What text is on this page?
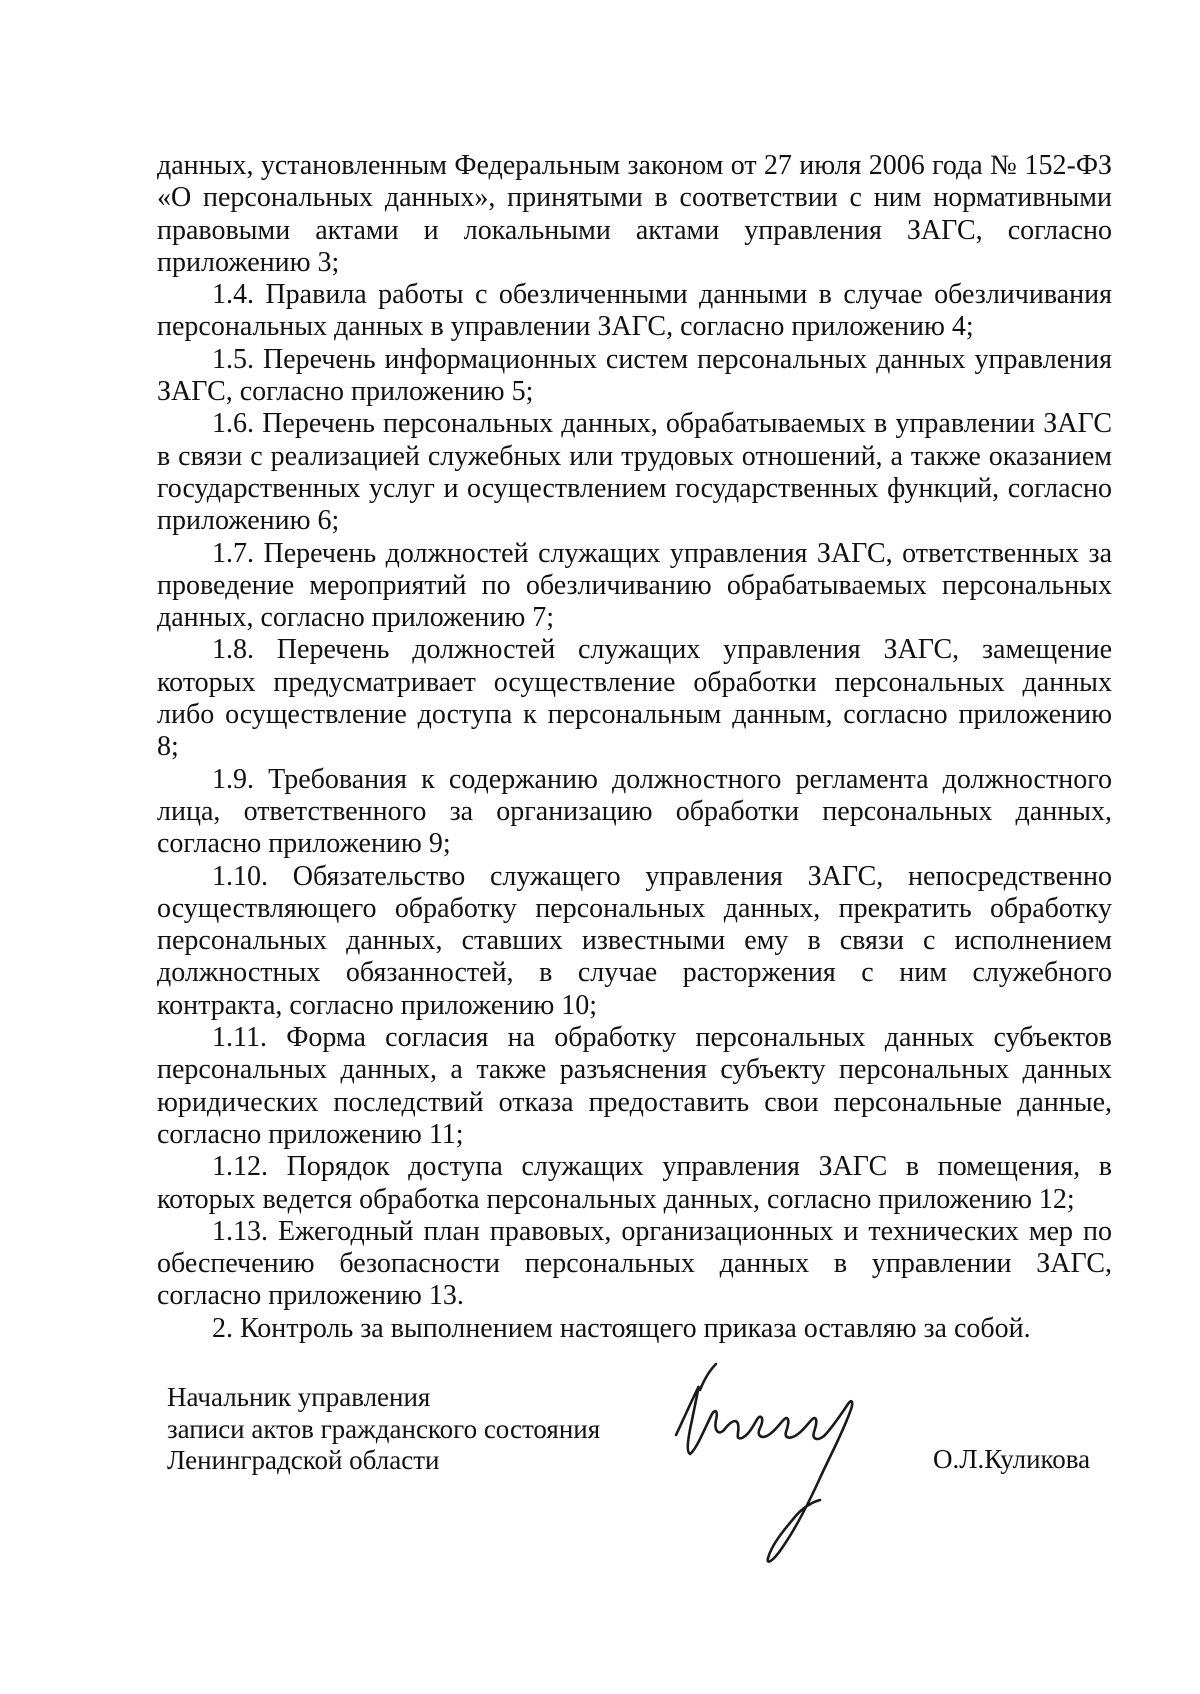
данных, установленным Федеральным законом от 27 июля 2006 года № 152-ФЗ «О персональных данных», принятыми в соответствии с ним нормативными правовыми актами и локальными актами управления ЗАГС, согласно приложению 3;

1.4. Правила работы с обезличенными данными в случае обезличивания персональных данных в управлении ЗАГС, согласно приложению 4;

1.5. Перечень информационных систем персональных данных управления ЗАГС, согласно приложению 5;

1.6. Перечень персональных данных, обрабатываемых в управлении ЗАГС в связи с реализацией служебных или трудовых отношений, а также оказанием государственных услуг и осуществлением государственных функций, согласно приложению 6;

1.7. Перечень должностей служащих управления ЗАГС, ответственных за проведение мероприятий по обезличиванию обрабатываемых персональных данных, согласно приложению 7;

1.8. Перечень должностей служащих управления ЗАГС, замещение которых предусматривает осуществление обработки персональных данных либо осуществление доступа к персональным данным, согласно приложению 8;

1.9. Требования к содержанию должностного регламента должностного лица, ответственного за организацию обработки персональных данных, согласно приложению 9;

1.10. Обязательство служащего управления ЗАГС, непосредственно осуществляющего обработку персональных данных, прекратить обработку персональных данных, ставших известными ему в связи с исполнением должностных обязанностей, в случае расторжения с ним служебного контракта, согласно приложению 10;

1.11. Форма согласия на обработку персональных данных субъектов персональных данных, а также разъяснения субъекту персональных данных юридических последствий отказа предоставить свои персональные данные, согласно приложению 11;

1.12. Порядок доступа служащих управления ЗАГС в помещения, в которых ведется обработка персональных данных, согласно приложению 12;

1.13. Ежегодный план правовых, организационных и технических мер по обеспечению безопасности персональных данных в управлении ЗАГС, согласно приложению 13.

2. Контроль за выполнением настоящего приказа оставляю за собой.

Начальник управления
записи актов гражданского состояния
Ленинградской области	О.Л.Куликова
